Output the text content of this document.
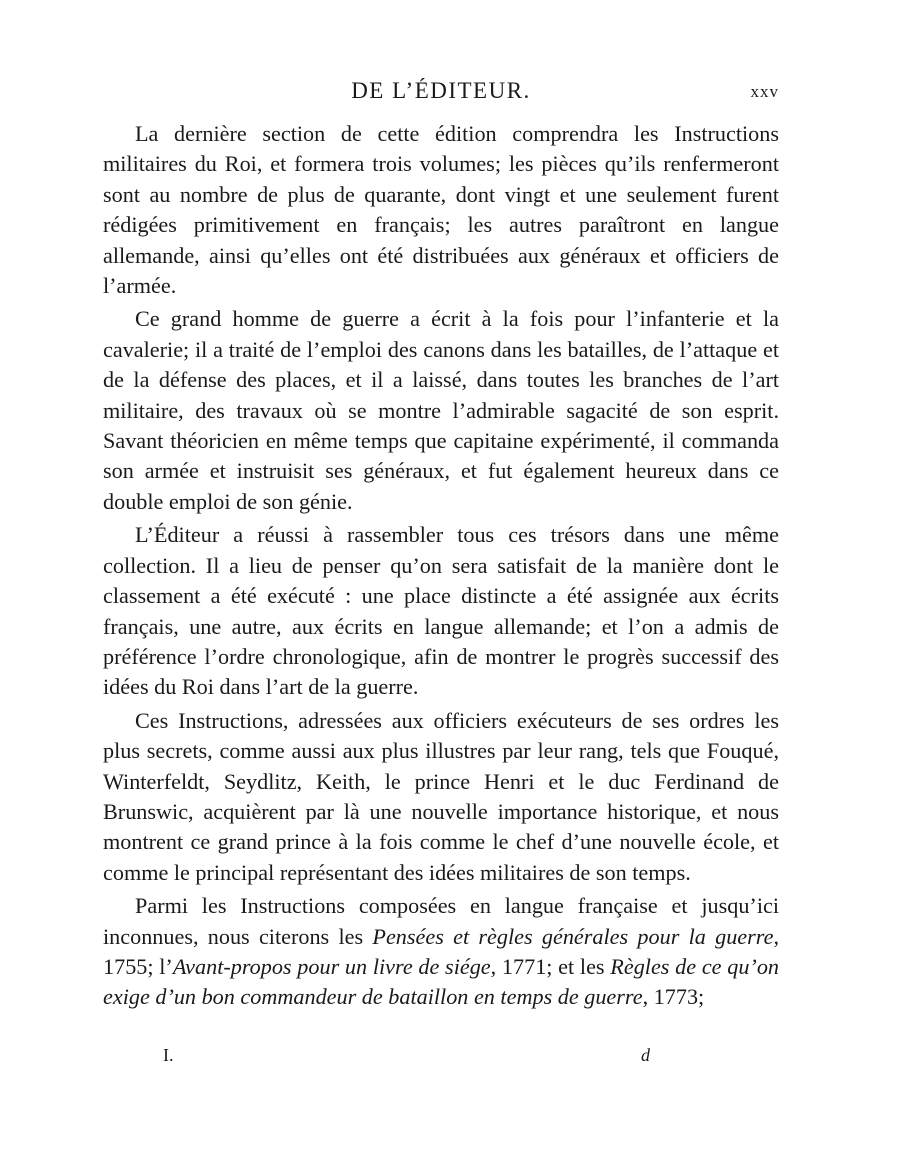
DE L’ÉDITEUR.	xxv

La dernière section de cette édition comprendra les Instructions militaires du Roi, et formera trois volumes; les pièces qu’ils renfermeront sont au nombre de plus de quarante, dont vingt et une seulement furent rédigées primitivement en français; les autres paraîtront en langue allemande, ainsi qu’elles ont été distribuées aux généraux et officiers de l’armée.

Ce grand homme de guerre a écrit à la fois pour l’infanterie et la cavalerie; il a traité de l’emploi des canons dans les batailles, de l’attaque et de la défense des places, et il a laissé, dans toutes les branches de l’art militaire, des travaux où se montre l’admirable sagacité de son esprit. Savant théoricien en même temps que capitaine expérimenté, il commanda son armée et instruisit ses généraux, et fut également heureux dans ce double emploi de son génie.

L’Éditeur a réussi à rassembler tous ces trésors dans une même collection. Il a lieu de penser qu’on sera satisfait de la manière dont le classement a été exécuté : une place distincte a été assignée aux écrits français, une autre, aux écrits en langue allemande; et l’on a admis de préférence l’ordre chronologique, afin de montrer le progrès successif des idées du Roi dans l’art de la guerre.

Ces Instructions, adressées aux officiers exécuteurs de ses ordres les plus secrets, comme aussi aux plus illustres par leur rang, tels que Fouqué, Winterfeldt, Seydlitz, Keith, le prince Henri et le duc Ferdinand de Brunswic, acquièrent par là une nouvelle importance historique, et nous montrent ce grand prince à la fois comme le chef d’une nouvelle école, et comme le principal représentant des idées militaires de son temps.

Parmi les Instructions composées en langue française et jusqu’ici inconnues, nous citerons les Pensées et règles générales pour la guerre, 1755; l’Avant-propos pour un livre de siége, 1771; et les Règles de ce qu’on exige d’un bon commandeur de bataillon en temps de guerre, 1773;

I.	d
